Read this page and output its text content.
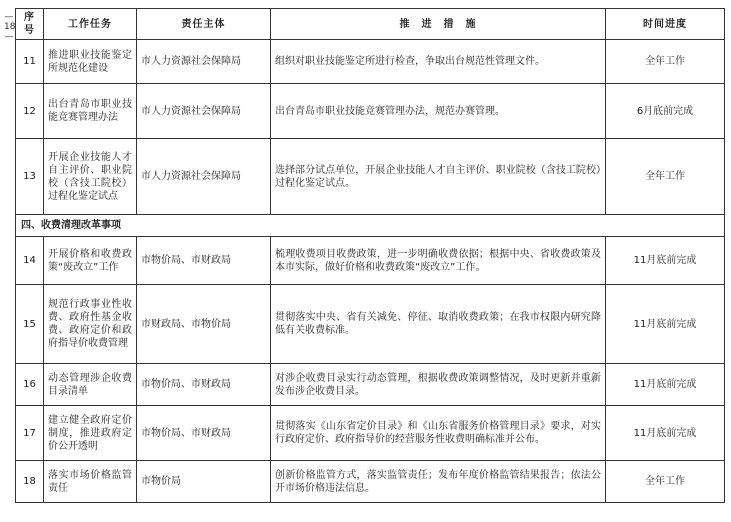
— 18 —
序号	工作任务	责任主体	推　进　措　施	时间进度
11	推进职业技能鉴定所规范化建设	市人力资源社会保障局	组织对职业技能鉴定所进行检查，争取出台规范性管理文件。	全年工作
12	出台青岛市职业技能竞赛管理办法	市人力资源社会保障局	出台青岛市职业技能竞赛管理办法，规范办赛管理。	6月底前完成
13	开展企业技能人才自主评价、职业院校（含技工院校）过程化鉴定试点	市人力资源社会保障局	选择部分试点单位，开展企业技能人才自主评价、职业院校（含技工院校）过程化鉴定试点。	全年工作
四、收费清理改革事项				
14	开展价格和收费政策“废改立”工作	市物价局、市财政局	梳理收费项目收费政策，进一步明确收费依据；根据中央、省收费政策及本市实际，做好价格和收费政策“废改立”工作。	11月底前完成
15	规范行政事业性收费、政府性基金收费、政府定价和政府指导价收费管理	市财政局、市物价局	贯彻落实中央、省有关减免、停征、取消收费政策；在我市权限内研究降低有关收费标准。	11月底前完成
16	动态管理涉企收费目录清单	市物价局、市财政局	对涉企收费目录实行动态管理，根据收费政策调整情况，及时更新并重新发布涉企收费目录。	11月底前完成
17	建立健全政府定价制度，推进政府定价公开透明	市物价局、市财政局	贯彻落实《山东省定价目录》和《山东省服务价格管理目录》要求，对实行政府定价、政府指导价的经营服务性收费明确标准并公布。	11月底前完成
18	落实市场价格监管责任	市物价局	创新价格监管方式，落实监管责任；发布年度价格监管结果报告；依法公开市场价格违法信息。	全年工作
